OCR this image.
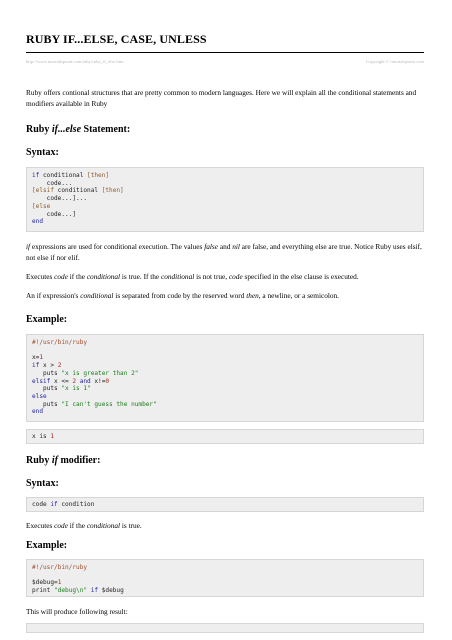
RUBY IF...ELSE, CASE, UNLESS
http://www.tutorialspoint.com/ruby/ruby_if_else.htm	Copyright © tutorialspoint.com

Ruby offers contional structures that are pretty common to modern languages. Here we will explain all the conditional statements and modifiers available in Ruby

Ruby if...else Statement:
Syntax:
if conditional [then]
code...
[elsif conditional [then]
code...]...
[else
code...]
end

if expressions are used for conditional execution. The values false and nil are false, and everything else are true. Notice Ruby uses elsif, not else if nor elif.

Executes code if the conditional is true. If the conditional is not true, code specified in the else clause is executed.

An if expression's conditional is separated from code by the reserved word then, a newline, or a semicolon.

Example:
#!/usr/bin/ruby

x=1
if x > 2
puts "x is greater than 2"
elsif x <= 2 and x!=0
puts "x is 1"
else
puts "I can't guess the number"
end
x is 1
Ruby if modifier:
Syntax:
code if condition

Executes code if the conditional is true.

Example:
#!/usr/bin/ruby

$debug=1
print "debug\n" if $debug

This will produce following result:
